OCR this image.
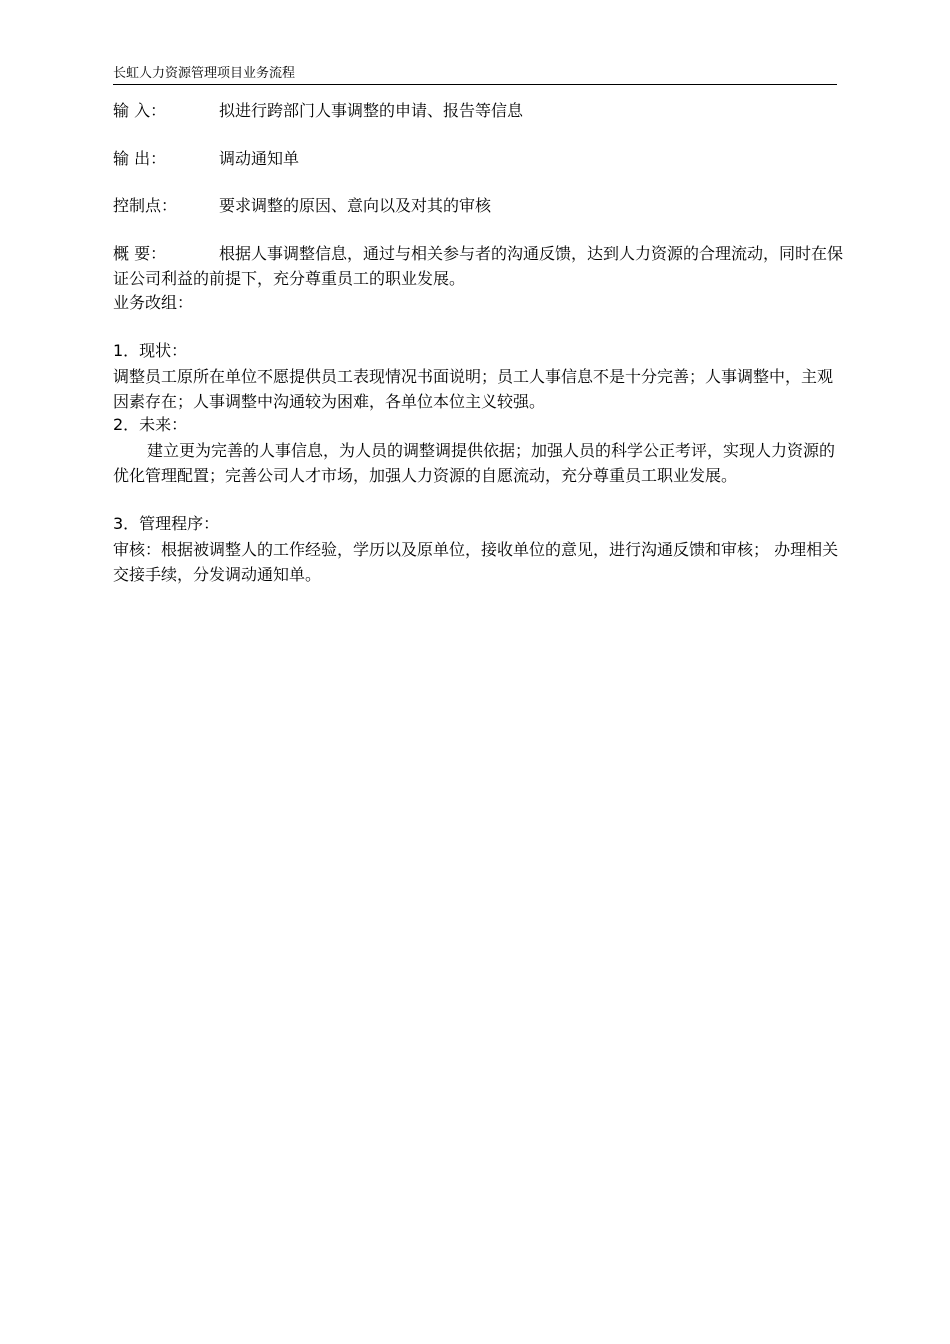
长虹人力资源管理项目业务流程
输 入：	拟进行跨部门人事调整的申请、报告等信息
输 出：	调动通知单
控制点：	要求调整的原因、意向以及对其的审核
概 要：	根据人事调整信息，通过与相关参与者的沟通反馈，达到人力资源的合理流动，同时在保证公司利益的前提下，充分尊重员工的职业发展。
业务改组：
1．现状：
调整员工原所在单位不愿提供员工表现情况书面说明；员工人事信息不是十分完善；人事调整中，主观因素存在；人事调整中沟通较为困难，各单位本位主义较强。
2．未来：
建立更为完善的人事信息，为人员的调整调提供依据；加强人员的科学公正考评，实现人力资源的优化管理配置；完善公司人才市场，加强人力资源的自愿流动，充分尊重员工职业发展。
3．管理程序：
审核：根据被调整人的工作经验，学历以及原单位，接收单位的意见，进行沟通反馈和审核； 办理相关交接手续，分发调动通知单。
